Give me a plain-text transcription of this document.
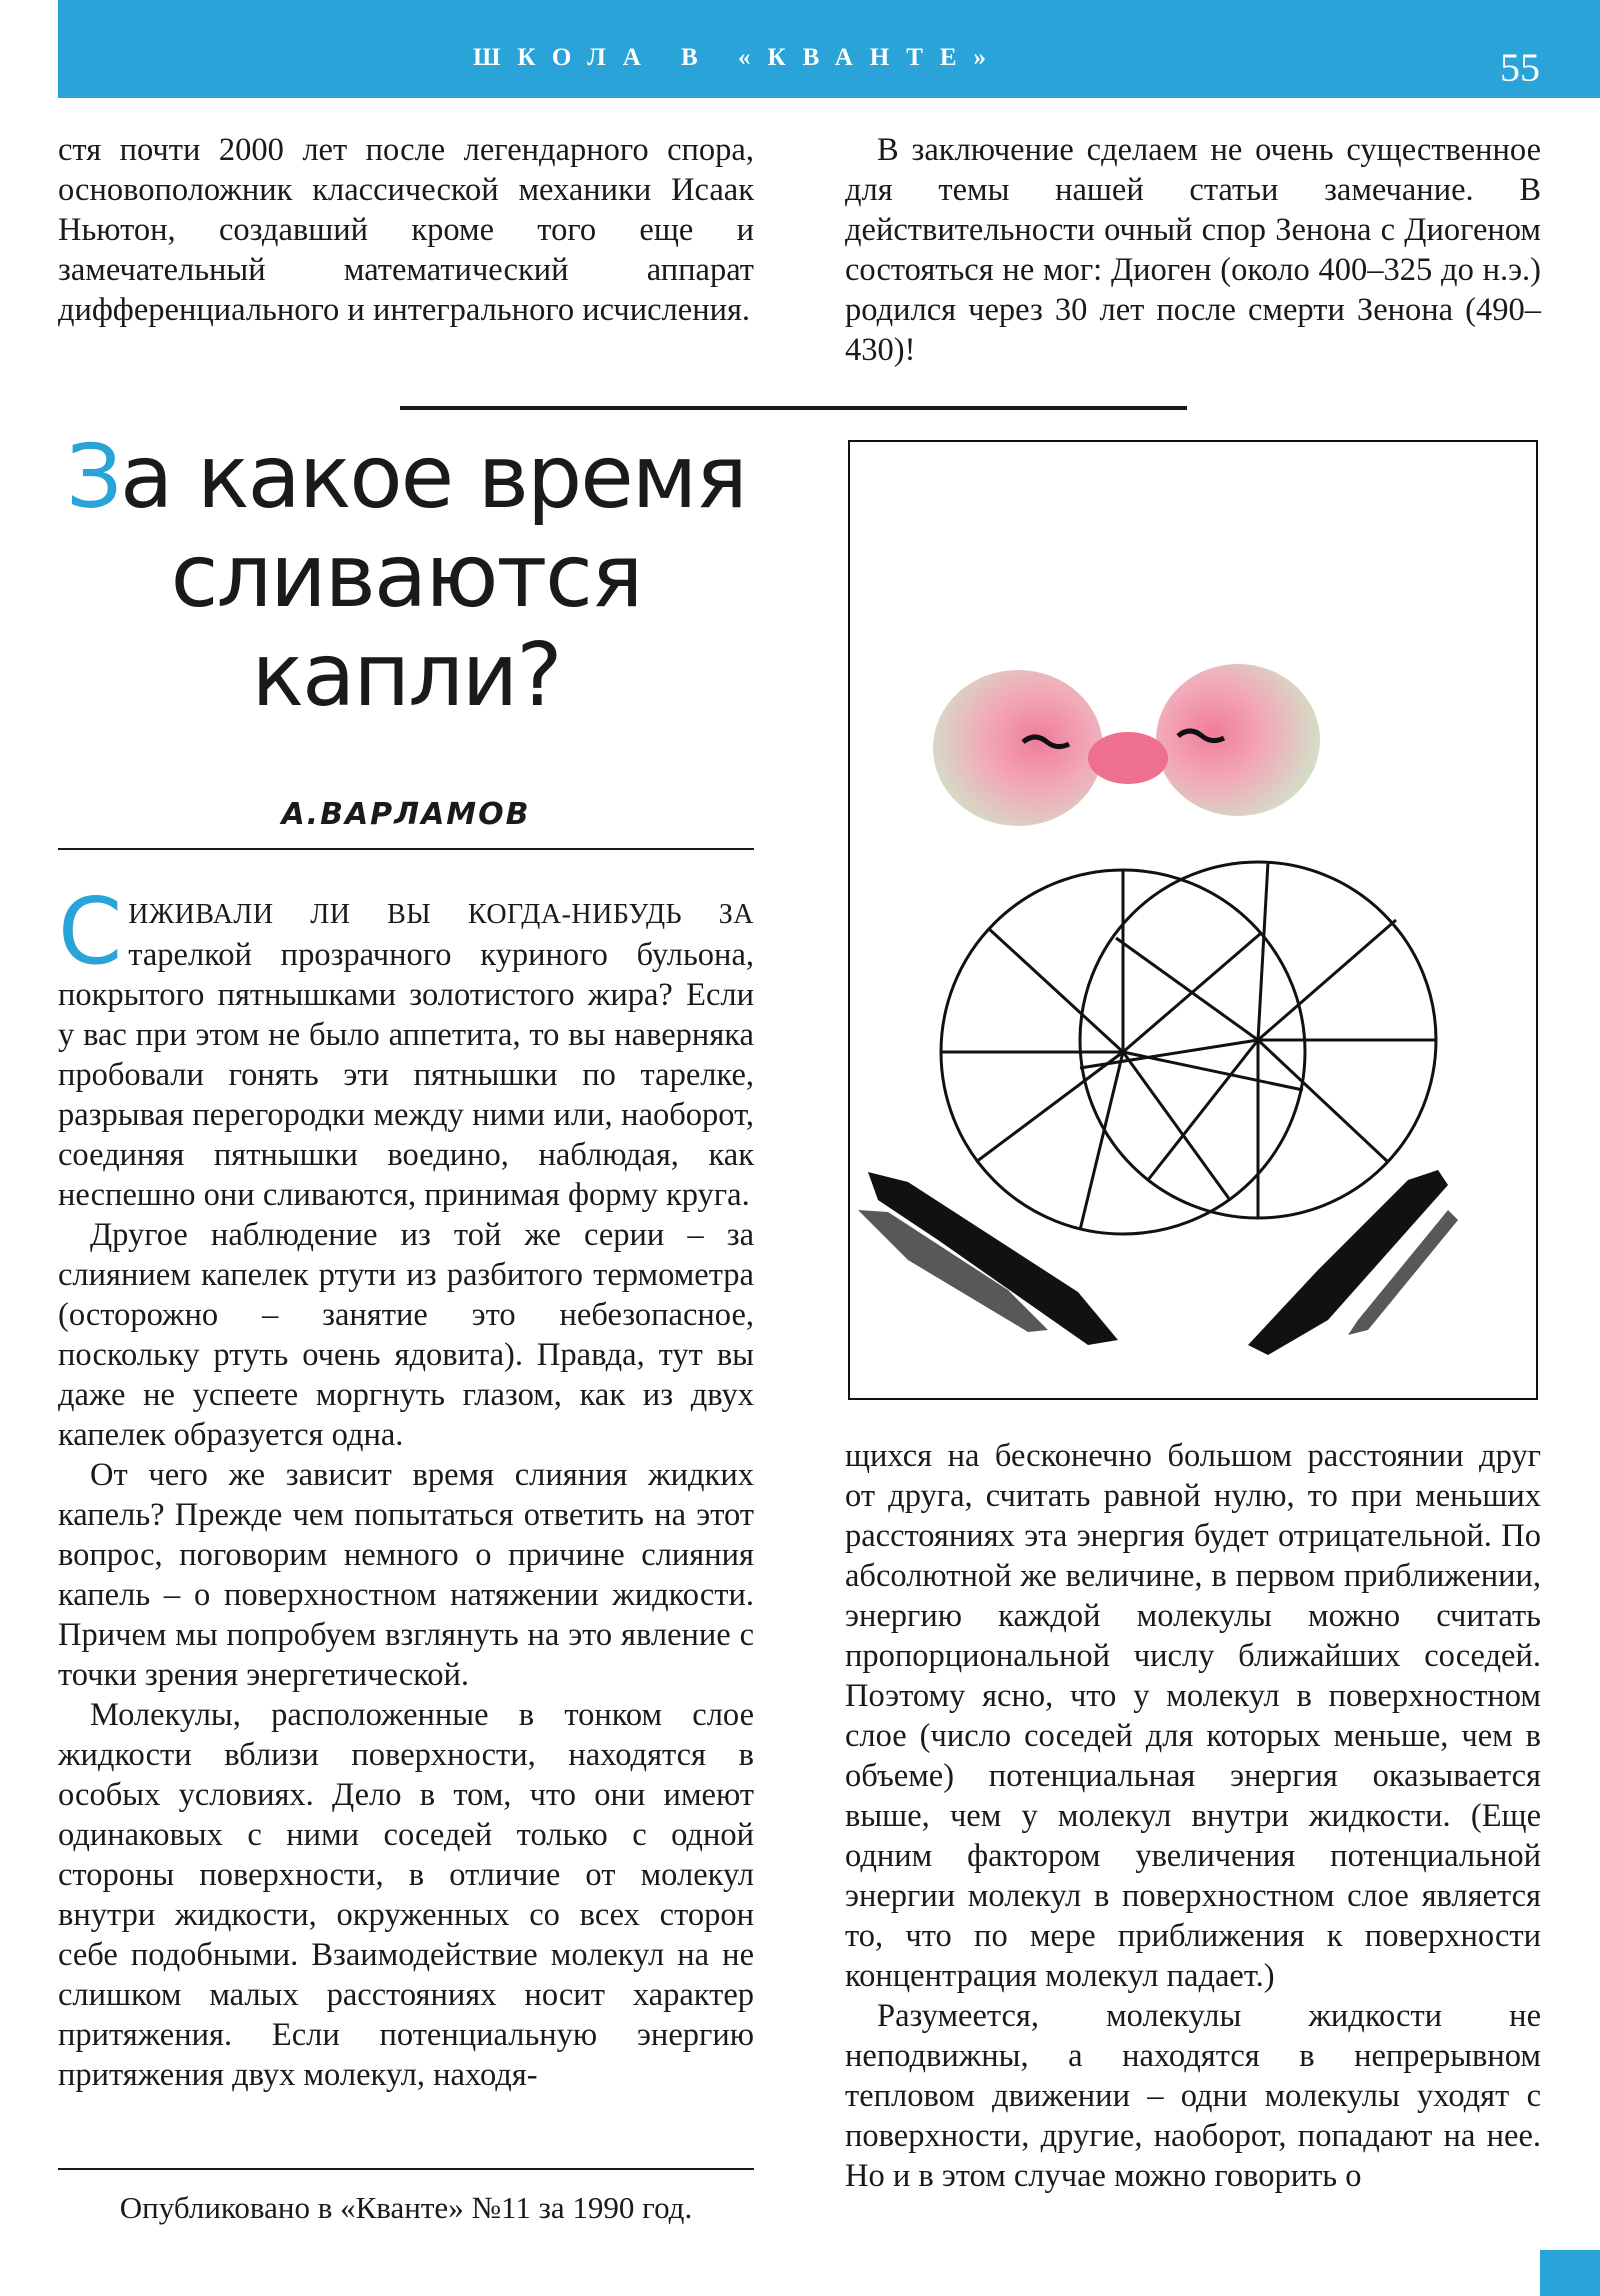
ШКОЛА В «КВАНТЕ»	55

стя почти 2000 лет после легендарного спора, основоположник классической механики Исаак Ньютон, создавший кроме того еще и замечательный математический аппарат дифференциального и интегрального исчисления.

В заключение сделаем не очень существенное для темы нашей статьи замечание. В действительности очный спор Зенона с Диогеном состояться не мог: Диоген (около 400–325 до н.э.) родился через 30 лет после смерти Зенона (490–430)!

За какое время сливаются капли?
А.ВАРЛАМОВ

СИЖИВАЛИ ЛИ ВЫ КОГДА-НИБУДЬ ЗА тарелкой прозрачного куриного бульона, покрытого пятнышками золотистого жира? Если у вас при этом не было аппетита, то вы наверняка пробовали гонять эти пятнышки по тарелке, разрывая перегородки между ними или, наоборот, соединяя пятнышки воедино, наблюдая, как неспешно они сливаются, принимая форму круга.

Другое наблюдение из той же серии – за слиянием капелек ртути из разбитого термометра (осторожно – занятие это небезопасное, поскольку ртуть очень ядовита). Правда, тут вы даже не успеете моргнуть глазом, как из двух капелек образуется одна.

От чего же зависит время слияния жидких капель? Прежде чем попытаться ответить на этот вопрос, поговорим немного о причине слияния капель – о поверхностном натяжении жидкости. Причем мы попробуем взглянуть на это явление с точки зрения энергетической.

Молекулы, расположенные в тонком слое жидкости вблизи поверхности, находятся в особых условиях. Дело в том, что они имеют одинаковых с ними соседей только с одной стороны поверхности, в отличие от молекул внутри жидкости, окруженных со всех сторон себе подобными. Взаимодействие молекул на не слишком малых расстояниях носит характер притяжения. Если потенциальную энергию притяжения двух молекул, находя-

щихся на бесконечно большом расстоянии друг от друга, считать равной нулю, то при меньших расстояниях эта энергия будет отрицательной. По абсолютной же величине, в первом приближении, энергию каждой молекулы можно считать пропорциональной числу ближайших соседей. Поэтому ясно, что у молекул в поверхностном слое (число соседей для которых меньше, чем в объеме) потенциальная энергия оказывается выше, чем у молекул внутри жидкости. (Еще одним фактором увеличения потенциальной энергии молекул в поверхностном слое является то, что по мере приближения к поверхности концентрация молекул падает.)

Разумеется, молекулы жидкости не неподвижны, а находятся в непрерывном тепловом движении – одни молекулы уходят с поверхности, другие, наоборот, попадают на нее. Но и в этом случае можно говорить о

Опубликовано в «Кванте» №11 за 1990 год.
